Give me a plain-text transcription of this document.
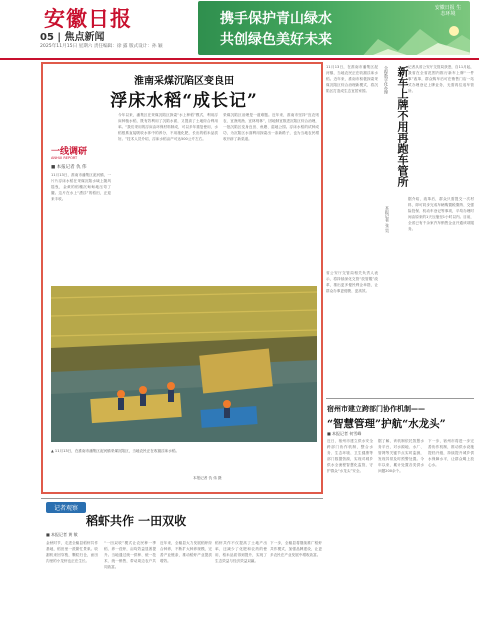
安徽日报
05 | 焦点新闻
2025年11月15日 星期六 责任编辑：徐 露 版式设计：孙 颖
携手保护青山绿水
共创绿色美好未来
安徽日报 生态环境
淮南采煤沉陷区变良田
浮床水稻“成长记”
一线调研
ANHUI REPORT
■ 本报记者 仇 伟
11月13日，淮南市潘集区泥河镇，一片片浮床水稻在采煤沉陷水域上随风摇曳，金黄的稻穗沉甸甸地压弯了腰。这片在水上“漂浮”的稻田，正迎来丰收。
今年以来，潘集区在采煤沉陷区探索“水上种稻”模式，利用浮床种植水稻，既有效利用了沉陷水面，又提高了土地综合利用率。“我们采用的浮床由环保材料制成，可以多年重复使用，水稻根系直接吸收水体中的养分，不用施化肥，长出的稻米品质好。”技术人员介绍，浮床水稻亩产可达500公斤左右。
采煤沉陷区治理是一道难题。近年来，淮南市坚持“宜农则农、宜渔则渔、宜林则林”，因地制宜推进沉陷区综合治理，一批沉陷区变身良田、鱼塘、湿地公园。浮床水稻的试种成功，为沉陷区水面利用探索出一条新路子，也为当地农民增收开辟了新渠道。
▲ 11月13日，在淮南市潘集区泥河镇采煤沉陷区，当地农民正在收割浮床水稻。
本报记者 仇 伟 摄
11月13日，在淮南市潘集区泥河镇，当地农民正在收割浮床水稻。近年来，淮南市积极探索采煤沉陷区综合治理新模式，将沉陷区打造成生态宜居家园。	全程数字化办理 新车上牌不用再跑车管所
本报记者 张 昊
记者从省公安厅交管局获悉，自11月起，我省在全省范围内推行新车上牌“一件事”改革，群众购车后可在销售门店一站式办理登记上牌业务，无需再往返车管所。
据介绍，改革后，群众只需提交一次材料，即可同步完成车辆购置税缴纳、交强险投保、机动车登记等事项，平均办理时间由原来的1天压缩至1小时以内。目前，全省已有千余家汽车销售企业开通该项服务。
省公安厅交管局相关负责人表示，将持续深化交管“放管服”改革，推出更多便民利企举措，让群众办事更便捷、更高效。
宿州市建立跨部门协作机制——
“智慧管理”护航“水龙头”
■ 本报记者 何雪峰
近日，宿州市建立供水安全跨部门协作机制，整合水务、生态环境、卫生健康等部门数据资源，实现对城乡供水全流程智慧化监管，守护群众“水龙头”安全。
据了解，该机制依托智慧水务平台，对水源地、水厂、管网等关键节点实时监测，发现异常及时预警处置。今年以来，累计处置各类供水问题200余个。
下一步，宿州市将进一步完善协作机制，推动供水设施提档升级，持续提升城乡供水保障水平，让群众喝上放心水。
记者观察
稻虾共作 一田双收
■ 本报记者 黄 敏
金秋时节，走进全椒县稻虾共作基地，稻田里一派繁忙景象。收割机来回穿梭，颗粒归仓，而田沟里的小龙虾也正在生长。
“一田双收”模式让农民种一季稻、养一茬虾，亩均效益显著提升。当地通过统一供种、统一技术、统一销售，带动周边农户共同致富。
近年来，全椒县大力发展稻虾综合种养，不断扩大种养规模，完善产业链条，推动稻虾产业提质增效。
稻虾共作不仅提高了土地产出率，还减少了化肥和农药的使用，稻米品质得到提升，实现了生态效益与经济效益双赢。
下一步，全椒县将继续推广稻虾共作模式，加强品牌建设，让更多农民在产业发展中增收致富。
